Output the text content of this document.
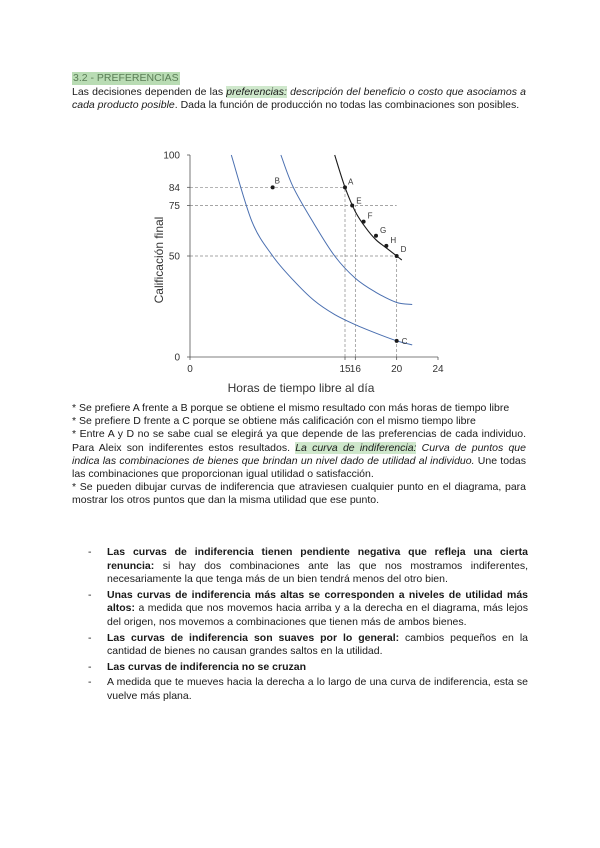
3.2 - PREFERENCIAS
Las decisiones dependen de las preferencias: descripción del beneficio o costo que asociamos a cada producto posible. Dada la función de producción no todas las combinaciones son posibles.
0
50
75
84
100
0	15 16	20	24
A
B
E
F
G
H
D
C
Horas de tiempo libre al día
Calificación final
* Se prefiere A frente a B porque se obtiene el mismo resultado con más horas de tiempo libre
* Se prefiere D frente a C porque se obtiene más calificación con el mismo tiempo libre
* Entre A y D no se sabe cual se elegirá ya que depende de las preferencias de cada individuo. Para Aleix son indiferentes estos resultados. La curva de indiferencia: Curva de puntos que indica las combinaciones de bienes que brindan un nivel dado de utilidad al individuo. Une todas las combinaciones que proporcionan igual utilidad o satisfacción.
* Se pueden dibujar curvas de indiferencia que atraviesen cualquier punto en el diagrama, para mostrar los otros puntos que dan la misma utilidad que ese punto.
- Las curvas de indiferencia tienen pendiente negativa que refleja una cierta renuncia: si hay dos combinaciones ante las que nos mostramos indiferentes, necesariamente la que tenga más de un bien tendrá menos del otro bien.
- Unas curvas de indiferencia más altas se corresponden a niveles de utilidad más altos: a medida que nos movemos hacia arriba y a la derecha en el diagrama, más lejos del origen, nos movemos a combinaciones que tienen más de ambos bienes.
- Las curvas de indiferencia son suaves por lo general: cambios pequeños en la cantidad de bienes no causan grandes saltos en la utilidad.
- Las curvas de indiferencia no se cruzan
- A medida que te mueves hacia la derecha a lo largo de una curva de indiferencia, esta se vuelve más plana.
